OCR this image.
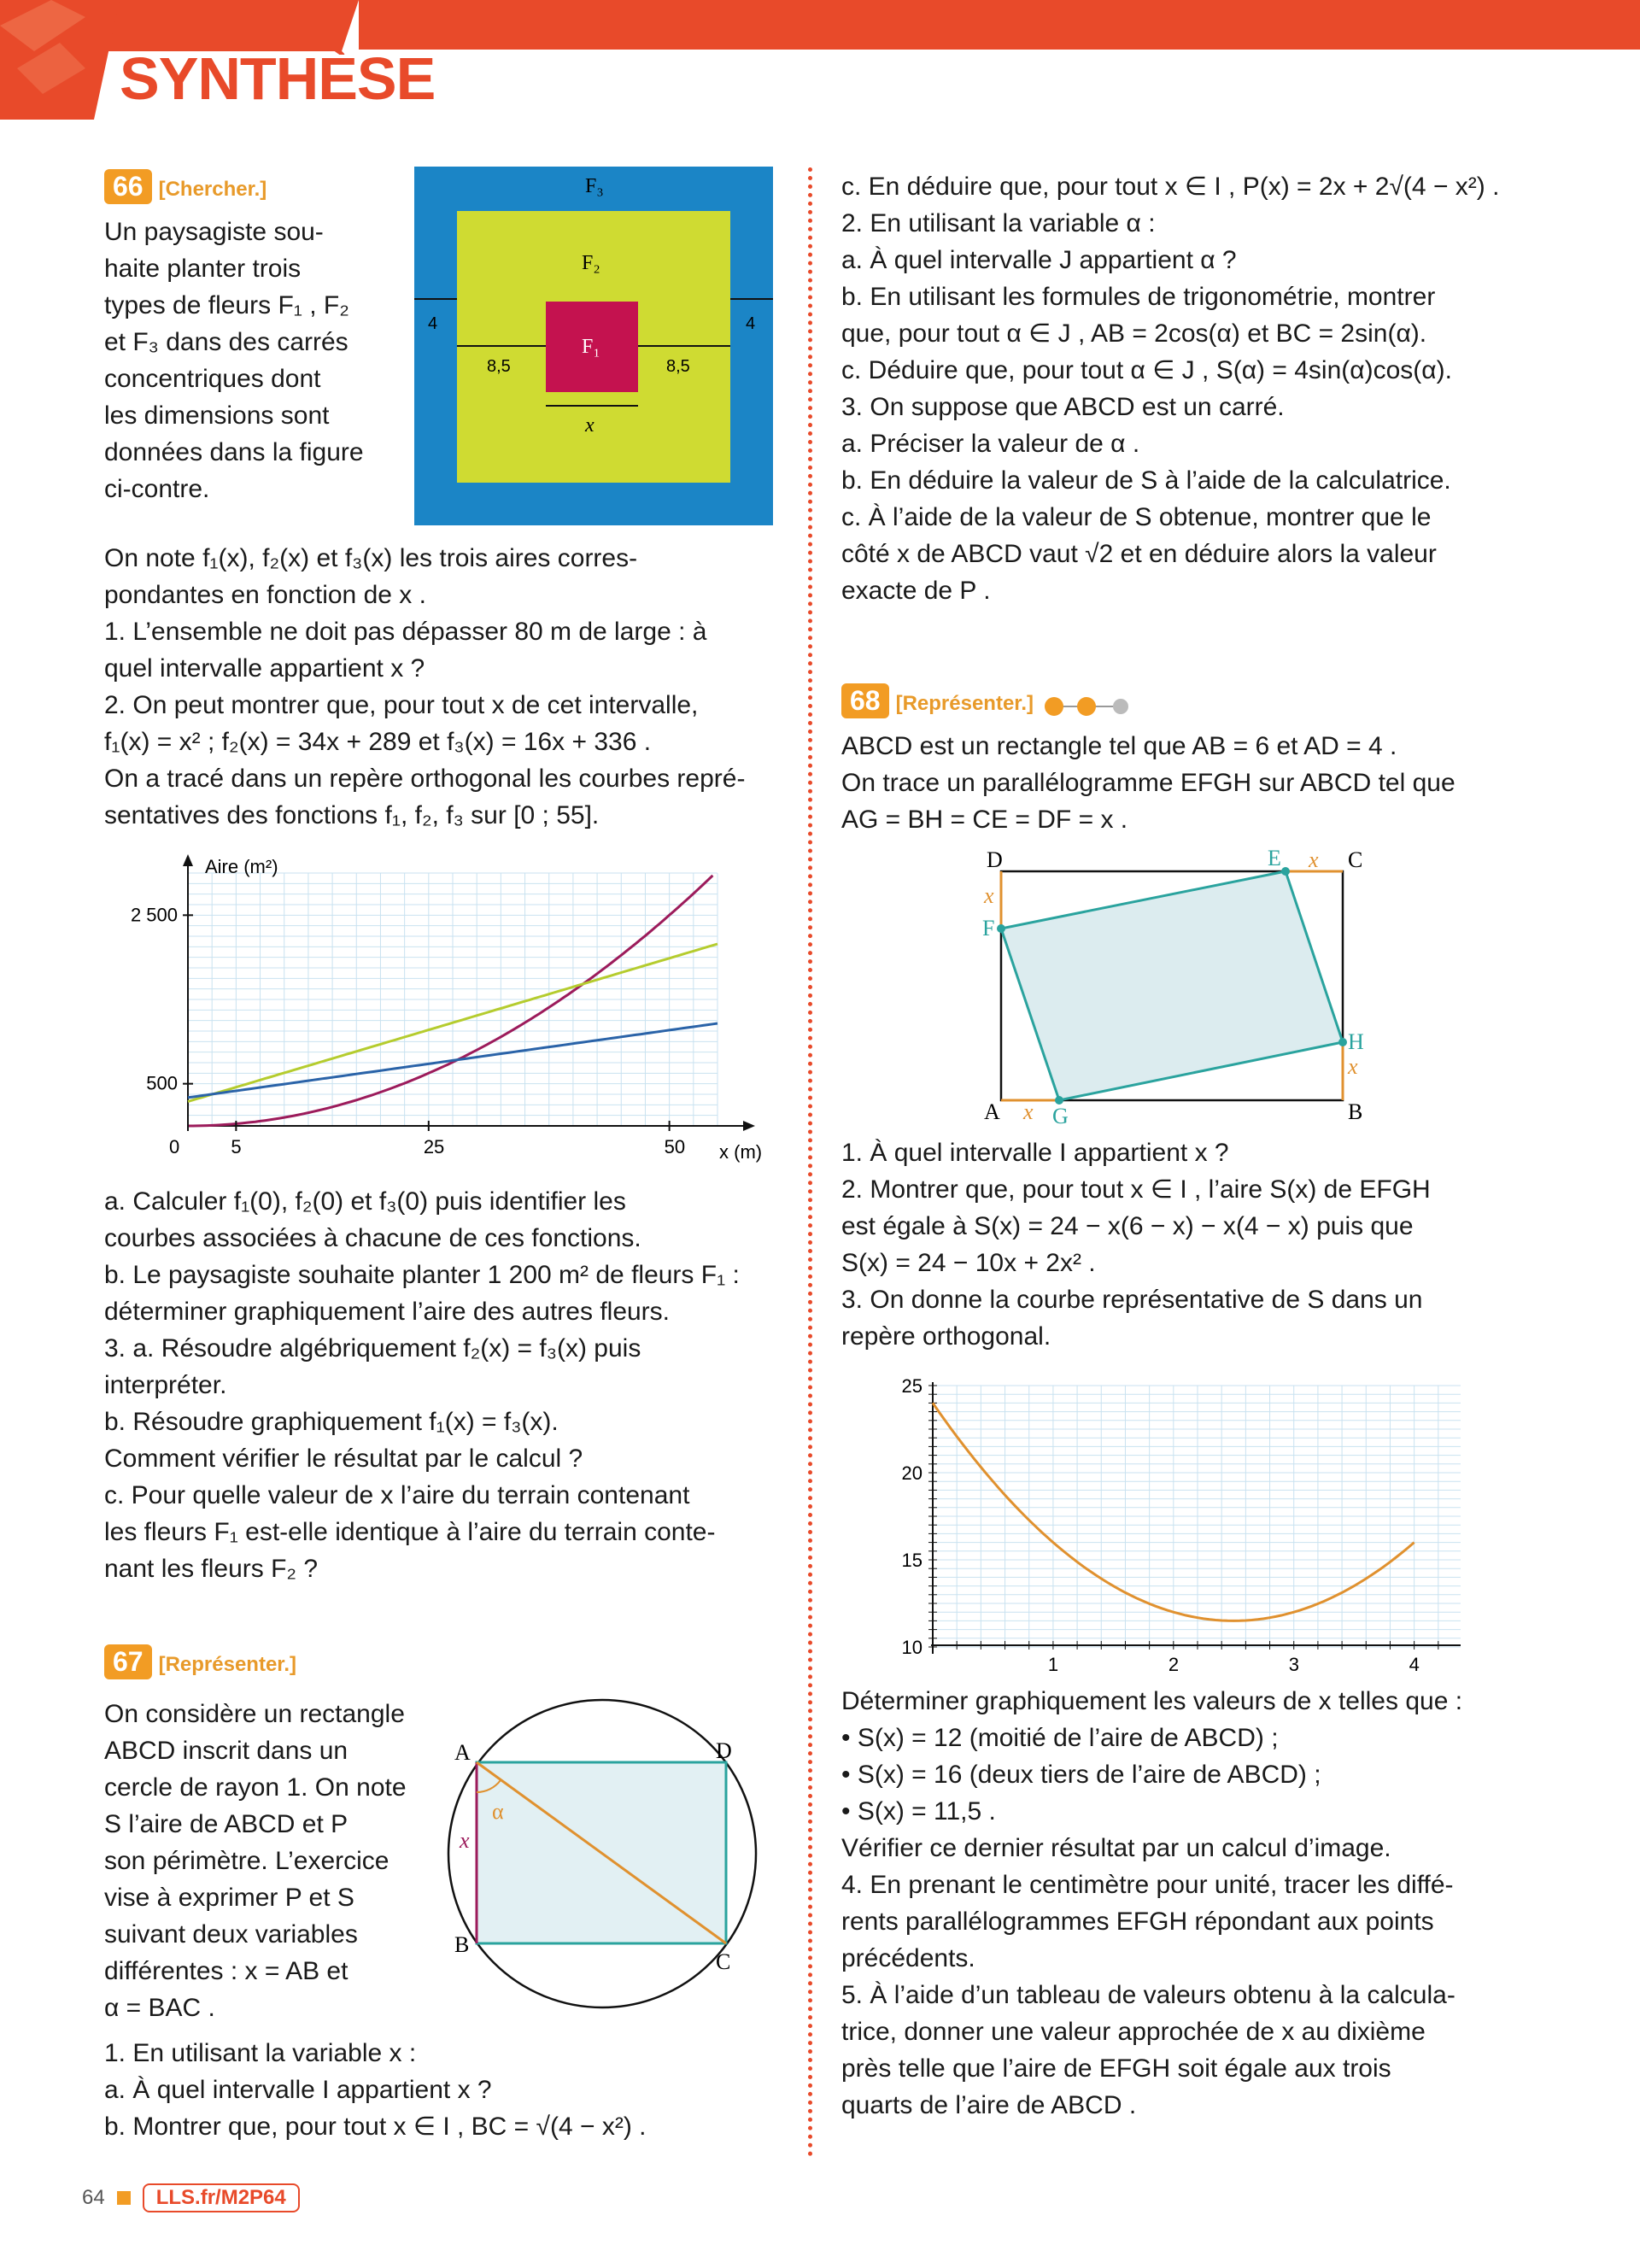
SYNTHÈSE
66 [Chercher.]
Un paysagiste sou-
haite planter trois
types de fleurs F₁ , F₂
et F₃ dans des carrés
concentriques dont
les dimensions sont
données dans la figure
ci-contre.
F₃
F₂
F₁
4	4
8,5	8,5
x
On note f₁(x), f₂(x) et f₃(x) les trois aires corres-
pondantes en fonction de x .
1. L’ensemble ne doit pas dépasser 80 m de large : à
quel intervalle appartient x ?
2. On peut montrer que, pour tout x de cet intervalle,
f₁(x) = x² ; f₂(x) = 34x + 289 et f₃(x) = 16x + 336 .
On a tracé dans un repère orthogonal les courbes repré-
sentatives des fonctions f₁, f₂, f₃ sur [0 ; 55].
0	5	25	50
500
2 500
Aire (m²)
x (m)
a. Calculer f₁(0), f₂(0) et f₃(0) puis identifier les
courbes associées à chacune de ces fonctions.
b. Le paysagiste souhaite planter 1 200 m² de fleurs F₁ :
déterminer graphiquement l’aire des autres fleurs.
3. a. Résoudre algébriquement f₂(x) = f₃(x) puis
interpréter.
b. Résoudre graphiquement f₁(x) = f₃(x).
Comment vérifier le résultat par le calcul ?
c. Pour quelle valeur de x l’aire du terrain contenant
les fleurs F₁ est-elle identique à l’aire du terrain conte-
nant les fleurs F₂ ?
67 [Représenter.]
On considère un rectangle
ABCD inscrit dans un
cercle de rayon 1. On note
S l’aire de ABCD et P
son périmètre. L’exercice
vise à exprimer P et S
suivant deux variables
différentes : x = AB et
α = BAC .
A
B
C
D
x
α
1. En utilisant la variable x :
a. À quel intervalle I appartient x ?
b. Montrer que, pour tout x ∈ I , BC = √(4 − x²) .
c. En déduire que, pour tout x ∈ I , P(x) = 2x + 2√(4 − x²) .
2. En utilisant la variable α :
a. À quel intervalle J appartient α ?
b. En utilisant les formules de trigonométrie, montrer
que, pour tout α ∈ J , AB = 2cos(α) et BC = 2sin(α).
c. Déduire que, pour tout α ∈ J , S(α) = 4sin(α)cos(α).
3. On suppose que ABCD est un carré.
a. Préciser la valeur de α .
b. En déduire la valeur de S à l’aide de la calculatrice.
c. À l’aide de la valeur de S obtenue, montrer que le
côté x de ABCD vaut √2 et en déduire alors la valeur
exacte de P .
68 [Représenter.]
ABCD est un rectangle tel que AB = 6 et AD = 4 .
On trace un parallélogramme EFGH sur ABCD tel que
AG = BH = CE = DF = x .
D	C
A	B
E
F
G
H
x
x
x
x
1. À quel intervalle I appartient x ?
2. Montrer que, pour tout x ∈ I , l’aire S(x) de EFGH
est égale à S(x) = 24 − x(6 − x) − x(4 − x) puis que
S(x) = 24 − 10x + 2x² .
3. On donne la courbe représentative de S dans un
repère orthogonal.
1	2	3	4
10
15
20
25
Déterminer graphiquement les valeurs de x telles que :
• S(x) = 12 (moitié de l’aire de ABCD) ;
• S(x) = 16 (deux tiers de l’aire de ABCD) ;
• S(x) = 11,5 .
Vérifier ce dernier résultat par un calcul d’image.
4. En prenant le centimètre pour unité, tracer les diffé-
rents parallélogrammes EFGH répondant aux points
précédents.
5. À l’aide d’un tableau de valeurs obtenu à la calcula-
trice, donner une valeur approchée de x au dixième
près telle que l’aire de EFGH soit égale aux trois
quarts de l’aire de ABCD .
64	LLS.fr/M2P64
